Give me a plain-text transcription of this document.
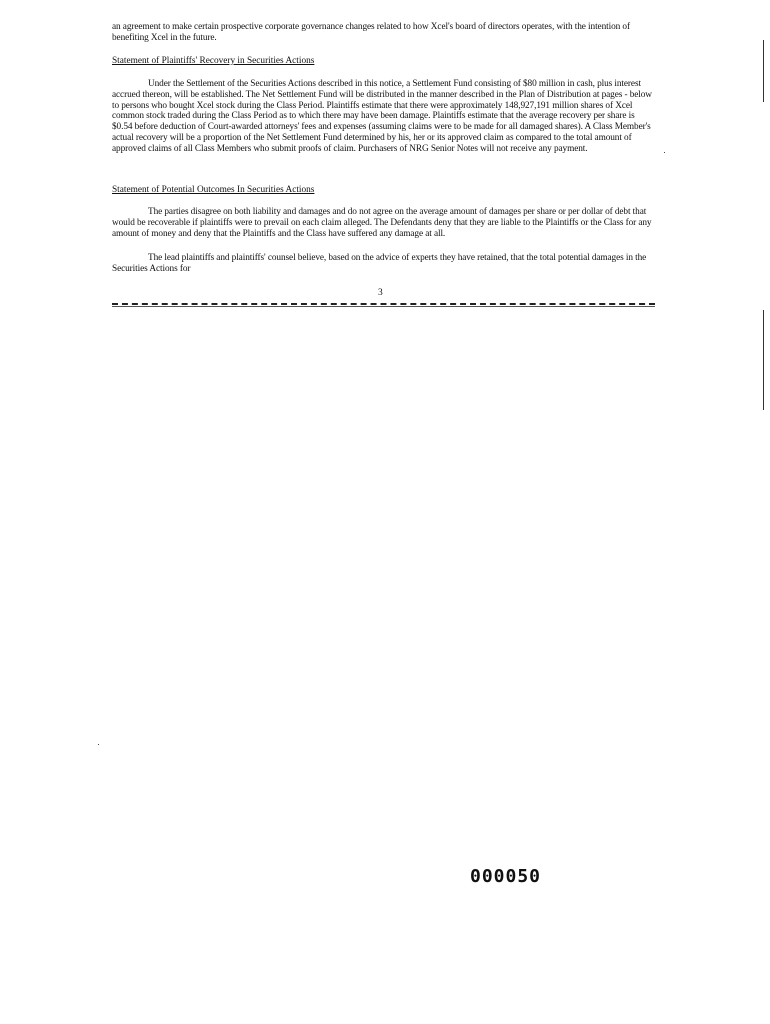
an agreement to make certain prospective corporate governance changes related to how Xcel's board of directors operates, with the intention of benefiting Xcel in the future.

Statement of Plaintiffs' Recovery in Securities Actions

Under the Settlement of the Securities Actions described in this notice, a Settlement Fund consisting of $80 million in cash, plus interest accrued thereon, will be established. The Net Settlement Fund will be distributed in the manner described in the Plan of Distribution at pages - below to persons who bought Xcel stock during the Class Period. Plaintiffs estimate that there were approximately 148,927,191 million shares of Xcel common stock traded during the Class Period as to which there may have been damage. Plaintiffs estimate that the average recovery per share is $0.54 before deduction of Court-awarded attorneys' fees and expenses (assuming claims were to be made for all damaged shares). A Class Member's actual recovery will be a proportion of the Net Settlement Fund determined by his, her or its approved claim as compared to the total amount of approved claims of all Class Members who submit proofs of claim. Purchasers of NRG Senior Notes will not receive any payment.

Statement of Potential Outcomes In Securities Actions

The parties disagree on both liability and damages and do not agree on the average amount of damages per share or per dollar of debt that would be recoverable if plaintiffs were to prevail on each claim alleged. The Defendants deny that they are liable to the Plaintiffs or the Class for any amount of money and deny that the Plaintiffs and the Class have suffered any damage at all.

The lead plaintiffs and plaintiffs' counsel believe, based on the advice of experts they have retained, that the total potential damages in the Securities Actions for

3
000050
